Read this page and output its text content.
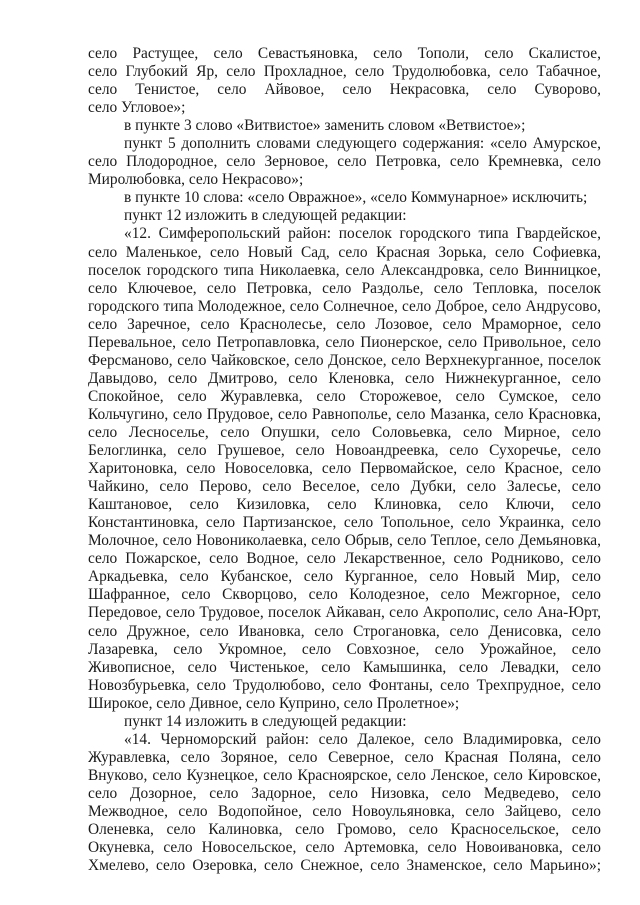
село Растущее, село Севастьяновка, село Тополи, село Скалистое,
село Глубокий Яр, село Прохладное, село Трудолюбовка, село Табачное,
село Тенистое, село Айвовое, село Некрасовка, село Суворово,
село Угловое»;
в пункте 3 слово «Витвистое» заменить словом «Ветвистое»;
пункт 5 дополнить словами следующего содержания: «село Амурское,
село Плодородное, село Зерновое, село Петровка, село Кремневка, село
Миролюбовка, село Некрасово»;
в пункте 10 слова: «село Овражное», «село Коммунарное» исключить;
пункт 12 изложить в следующей редакции:
«12. Симферопольский район: поселок городского типа Гвардейское,
село Маленькое, село Новый Сад, село Красная Зорька, село Софиевка,
поселок городского типа Николаевка, село Александровка, село Винницкое,
село Ключевое, село Петровка, село Раздолье, село Тепловка, поселок
городского типа Молодежное, село Солнечное, село Доброе, село Андрусово,
село Заречное, село Краснолесье, село Лозовое, село Мраморное, село
Перевальное, село Петропавловка, село Пионерское, село Привольное, село
Ферсманово, село Чайковское, село Донское, село Верхнекурганное, поселок
Давыдово, село Дмитрово, село Кленовка, село Нижнекурганное, село
Спокойное, село Журавлевка, село Сторожевое, село Сумское, село
Кольчугино, село Прудовое, село Равнополье, село Мазанка, село Красновка,
село Лесноселье, село Опушки, село Соловьевка, село Мирное, село
Белоглинка, село Грушевое, село Новоандреевка, село Сухоречье, село
Харитоновка, село Новоселовка, село Первомайское, село Красное, село
Чайкино, село Перово, село Веселое, село Дубки, село Залесье, село
Каштановое, село Кизиловка, село Клиновка, село Ключи, село
Константиновка, село Партизанское, село Топольное, село Украинка, село
Молочное, село Новониколаевка, село Обрыв, село Теплое, село Демьяновка,
село Пожарское, село Водное, село Лекарственное, село Родниково, село
Аркадьевка, село Кубанское, село Курганное, село Новый Мир, село
Шафранное, село Скворцово, село Колодезное, село Межгорное, село
Передовое, село Трудовое, поселок Айкаван, село Акрополис, село Ана-Юрт,
село Дружное, село Ивановка, село Строгановка, село Денисовка, село
Лазаревка, село Укромное, село Совхозное, село Урожайное, село
Живописное, село Чистенькое, село Камышинка, село Левадки, село
Новозбурьевка, село Трудолюбово, село Фонтаны, село Трехпрудное, село
Широкое, село Дивное, село Куприно, село Пролетное»;
пункт 14 изложить в следующей редакции:
«14. Черноморский район: село Далекое, село Владимировка, село
Журавлевка, село Зоряное, село Северное, село Красная Поляна, село
Внуково, село Кузнецкое, село Красноярское, село Ленское, село Кировское,
село Дозорное, село Задорное, село Низовка, село Медведево, село
Межводное, село Водопойное, село Новоульяновка, село Зайцево, село
Оленевка, село Калиновка, село Громово, село Красносельское, село
Окуневка, село Новосельское, село Артемовка, село Новоивановка, село
Хмелево, село Озеровка, село Снежное, село Знаменское, село Марьино»;
